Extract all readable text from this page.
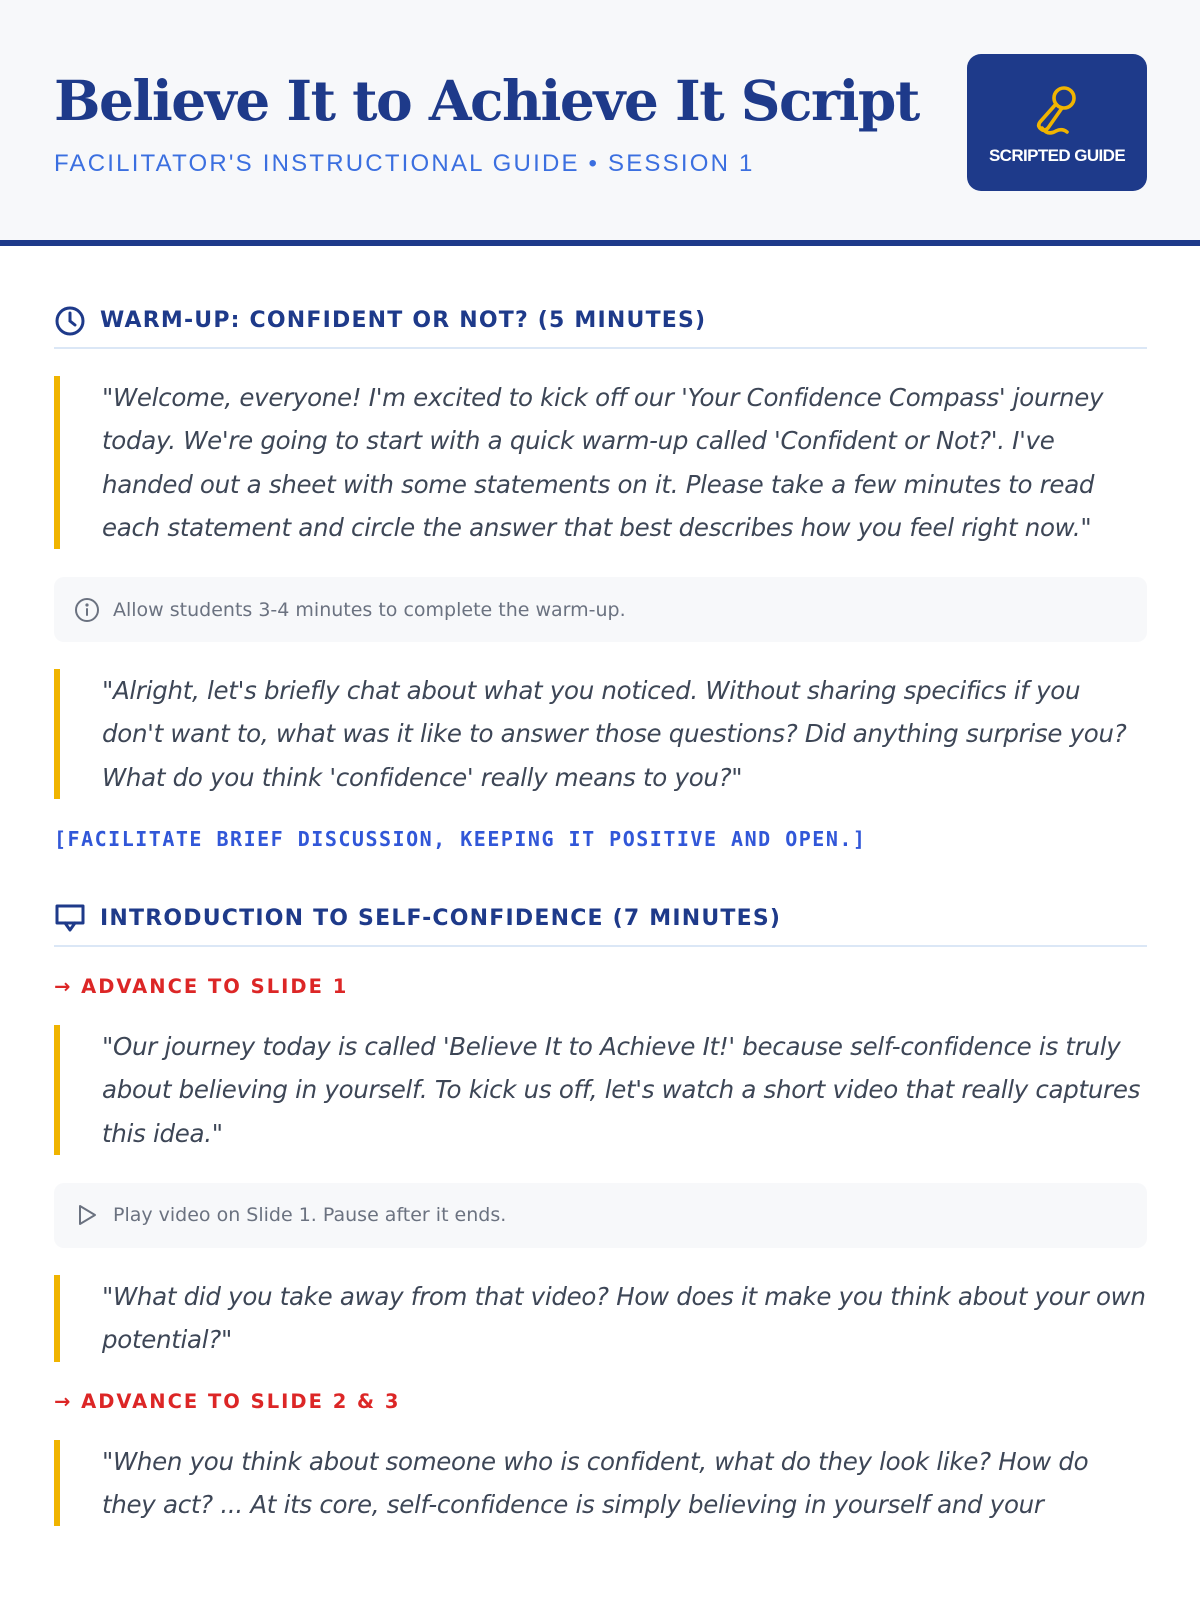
Believe It to Achieve It Script
FACILITATOR'S INSTRUCTIONAL GUIDE • SESSION 1	SCRIPTED GUIDE
WARM-UP: CONFIDENT OR NOT? (5 MINUTES)
"Welcome, everyone! I'm excited to kick off our 'Your Confidence Compass' journey today. We're going to start with a quick warm-up called 'Confident or Not?'. I've handed out a sheet with some statements on it. Please take a few minutes to read each statement and circle the answer that best describes how you feel right now."
Allow students 3-4 minutes to complete the warm-up.
"Alright, let's briefly chat about what you noticed. Without sharing specifics if you don't want to, what was it like to answer those questions? Did anything surprise you? What do you think 'confidence' really means to you?"
[FACILITATE BRIEF DISCUSSION, KEEPING IT POSITIVE AND OPEN.]
INTRODUCTION TO SELF-CONFIDENCE (7 MINUTES)
→ ADVANCE TO SLIDE 1
"Our journey today is called 'Believe It to Achieve It!' because self-confidence is truly about believing in yourself. To kick us off, let's watch a short video that really captures this idea."
Play video on Slide 1. Pause after it ends.
"What did you take away from that video? How does it make you think about your own potential?"
→ ADVANCE TO SLIDE 2 & 3
"When you think about someone who is confident, what do they look like? How do they act? ... At its core, self-confidence is simply believing in yourself and your
